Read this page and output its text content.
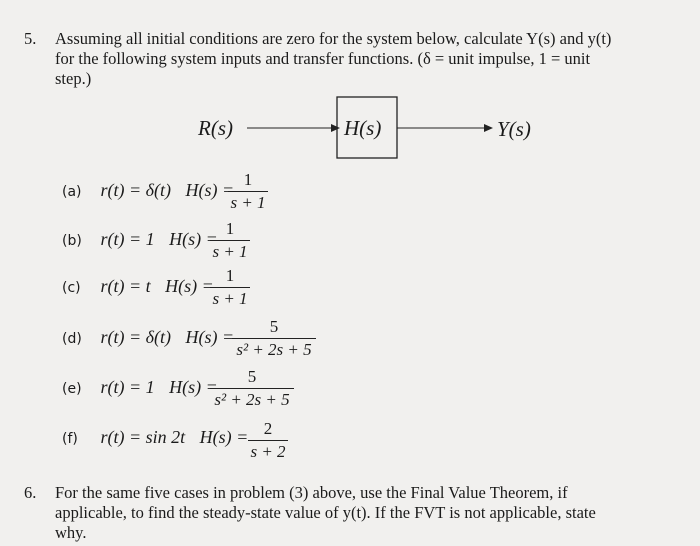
5. Assuming all initial conditions are zero for the system below, calculate Y(s) and y(t)
for the following system inputs and transfer functions. (δ = unit impulse, 1 = unit
step.)
R(s)	H(s)	Y(s)
(a) r(t) = δ(t) H(s) =
$\frac{1}{s + 1}$
(b) r(t) = 1 H(s) =
$\frac{1}{s + 1}$
(c) r(t) = t H(s) =
$\frac{1}{s + 1}$
(d) r(t) = δ(t) H(s) =
$\frac{5}{\text{s² + 2s + 5}}$
(e) r(t) = 1 H(s) =
$\frac{5}{\text{s² + 2s + 5}}$
(f) r(t) = sin 2t $H(s) = \frac{2}{s + 2}$
6. For the same five cases in problem (3) above, use the Final Value Theorem, if
applicable, to find the steady-state value of y(t). If the FVT is not applicable, state
why.
